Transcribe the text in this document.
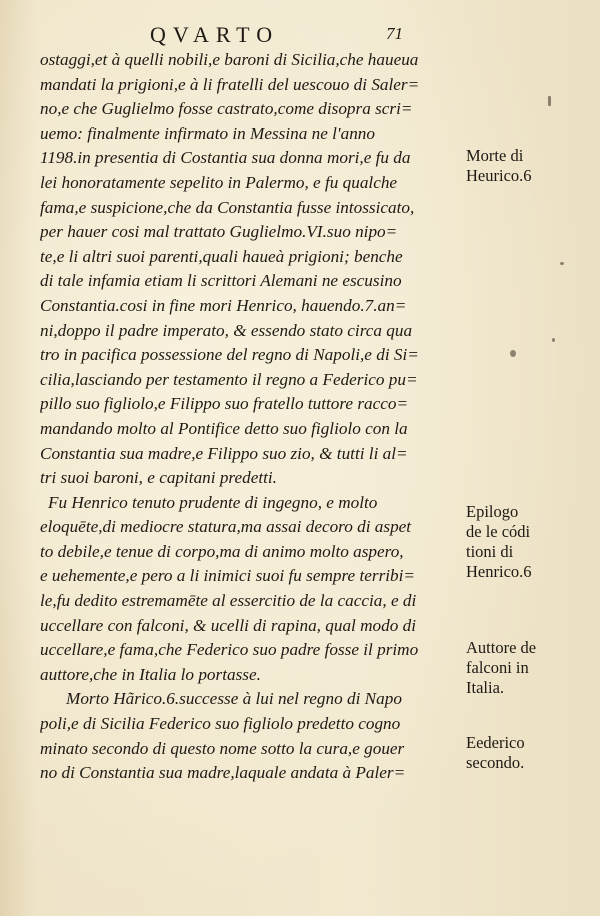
QVARTO	71
ostaggi,et à quelli nobili,e baroni di Sicilia,che haueua
mandati la prigioni,e à li fratelli del uescouo di Saler=
no,e che Guglielmo fosse castrato,come disopra scri=
uemo: finalmente infirmato in Messina ne l'anno
1198.in presentia di Costantia sua donna mori,e fu da
lei honoratamente sepelito in Palermo, e fu qualche
fama,e suspicione,che da Constantia fusse intossicato,
per hauer cosi mal trattato Guglielmo.VI.suo nipo=
te,e li altri suoi parenti,quali haueà prigioni; benche
di tale infamia etiam li scrittori Alemani ne escusino
Constantia.cosi in fine mori Henrico, hauendo.7.an=
ni,doppo il padre imperato, & essendo stato circa qua
tro in pacifica possessione del regno di Napoli,e di Si=
cilia,lasciando per testamento il regno a Federico pu=
pillo suo figliolo,e Filippo suo fratello tuttore racco=
mandando molto al Pontifice detto suo figliolo con la
Constantia sua madre,e Filippo suo zio, & tutti li al=
tri suoi baroni, e capitani predetti.
Fu Henrico tenuto prudente di ingegno, e molto
eloquēte,di mediocre statura,ma assai decoro di aspet
to debile,e tenue di corpo,ma di animo molto aspero,
e uehemente,e pero a li inimici suoi fu sempre terribi=
le,fu dedito estremamēte al essercitio de la caccia, e di
uccellare con falconi, & ucelli di rapina, qual modo di
uccellare,e fama,che Federico suo padre fosse il primo
auttore,che in Italia lo portasse.
Morto Hãrico.6.successe à lui nel regno di Napo
poli,e di Sicilia Federico suo figliolo predetto cogno
minato secondo di questo nome sotto la cura,e gouer
no di Constantia sua madre,laquale andata à Paler=
Morte di
Heurico.6
Epilogo
de le códi
tioni di
Henrico.6
Auttore de
falconi in
Italia.
Eederico
secondo.
